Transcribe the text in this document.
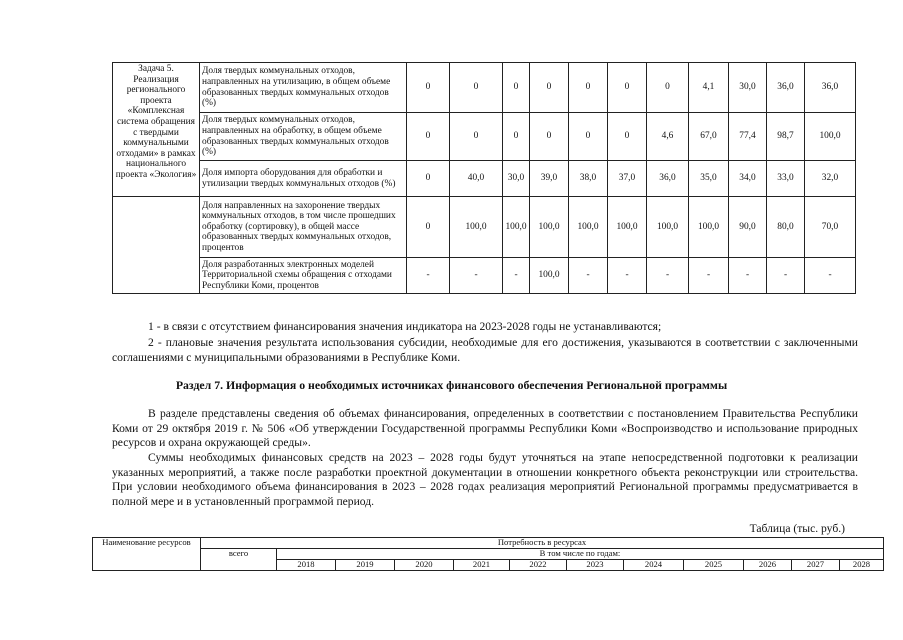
Задача 5. Реализация регионального проекта «Комплексная система обращения с твердыми коммунальными отходами» в рамках национального проекта «Экология»	Доля твердых коммунальных отходов, направленных на утилизацию, в общем объеме образованных твердых коммунальных отходов (%)	0	0	0	0	0	0	0	4,1	30,0	36,0	36,0
	Доля твердых коммунальных отходов, направленных на обработку, в общем объеме образованных твердых коммунальных отходов (%)	0	0	0	0	0	0	4,6	67,0	77,4	98,7	100,0
	Доля импорта оборудования для обработки и утилизации твердых коммунальных отходов (%)	0	40,0	30,0	39,0	38,0	37,0	36,0	35,0	34,0	33,0	32,0
	Доля направленных на захоронение твердых коммунальных отходов, в том числе прошедших обработку (сортировку), в общей массе образованных твердых коммунальных отходов, процентов	0	100,0	100,0	100,0	100,0	100,0	100,0	100,0	90,0	80,0	70,0
	Доля разработанных электронных моделей Территориальной схемы обращения с отходами Республики Коми, процентов	-	-	-	100,0	-	-	-	-	-	-	-

1 - в связи с отсутствием финансирования значения индикатора на 2023-2028 годы не устанавливаются;

2 - плановые значения результата использования субсидии, необходимые для его достижения, указываются в соответствии с заключенными соглашениями с муниципальными образованиями в Республике Коми.

Раздел 7. Информация о необходимых источниках финансового обеспечения Региональной программы

В разделе представлены сведения об объемах финансирования, определенных в соответствии с постановлением Правительства Республики Коми от 29 октября 2019 г. № 506 «Об утверждении Государственной программы Республики Коми «Воспроизводство и использование природных ресурсов и охрана окружающей среды».

Суммы необходимых финансовых средств на 2023 – 2028 годы будут уточняться на этапе непосредственной подготовки к реализации указанных мероприятий, а также после разработки проектной документации в отношении конкретного объекта реконструкции или строительства. При условии необходимого объема финансирования в 2023 – 2028 годах реализация мероприятий Региональной программы предусматривается в полной мере и в установленный программой период.

Таблица (тыс. руб.)
Наименование ресурсов	Потребность в ресурсах											
	всего	В том числе по годам:										
		2018	2019	2020	2021	2022	2023	2024	2025	2026	2027	2028
